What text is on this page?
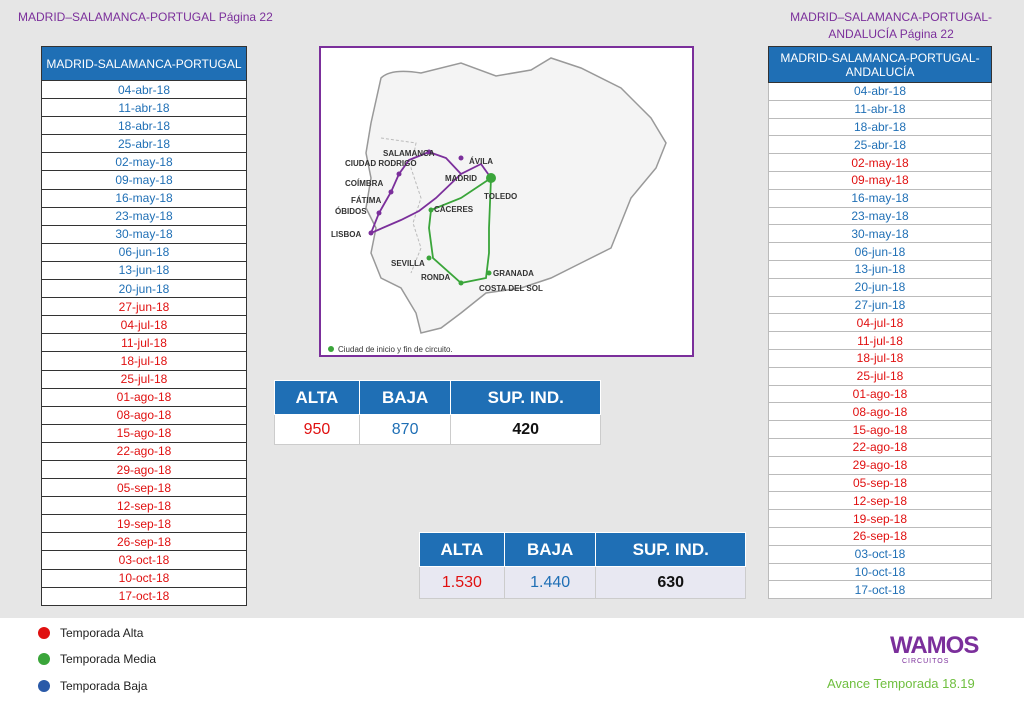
MADRID–SALAMANCA-PORTUGAL Página 22	MADRID–SALAMANCA-PORTUGAL-
ANDALUCÍA Página 22
MADRID-SALAMANCA-PORTUGAL
04-abr-18
11-abr-18
18-abr-18
25-abr-18
02-may-18
09-may-18
16-may-18
23-may-18
30-may-18
06-jun-18
13-jun-18
20-jun-18
27-jun-18
04-jul-18
11-jul-18
18-jul-18
25-jul-18
01-ago-18
08-ago-18
15-ago-18
22-ago-18
29-ago-18
05-sep-18
12-sep-18
19-sep-18
26-sep-18
03-oct-18
10-oct-18
17-oct-18
SALAMANCA
CIUDAD RODRIGO	ÁVILA
MADRID
COÍMBRA
FÁTIMA
ÓBIDOS
LISBOA
CÁCERES
TOLEDO
SEVILLA
RONDA	GRANADA
COSTA DEL SOL
Ciudad de inicio y fin de circuito.
ALTA	BAJA	SUP. IND.
950	870	420
ALTA	BAJA	SUP. IND.
1.530	1.440	630
MADRID-SALAMANCA-PORTUGAL-
ANDALUCÍA

04-abr-18
11-abr-18
18-abr-18
25-abr-18
02-may-18
09-may-18
16-may-18
23-may-18
30-may-18
06-jun-18
13-jun-18
20-jun-18
27-jun-18
04-jul-18
11-jul-18
18-jul-18
25-jul-18
01-ago-18
08-ago-18
15-ago-18
22-ago-18
29-ago-18
05-sep-18
12-sep-18
19-sep-18
26-sep-18
03-oct-18
10-oct-18
17-oct-18
Temporada Alta
Temporada Media
Temporada Baja
WAMOS
CIRCUITOS
Avance Temporada 18.19
